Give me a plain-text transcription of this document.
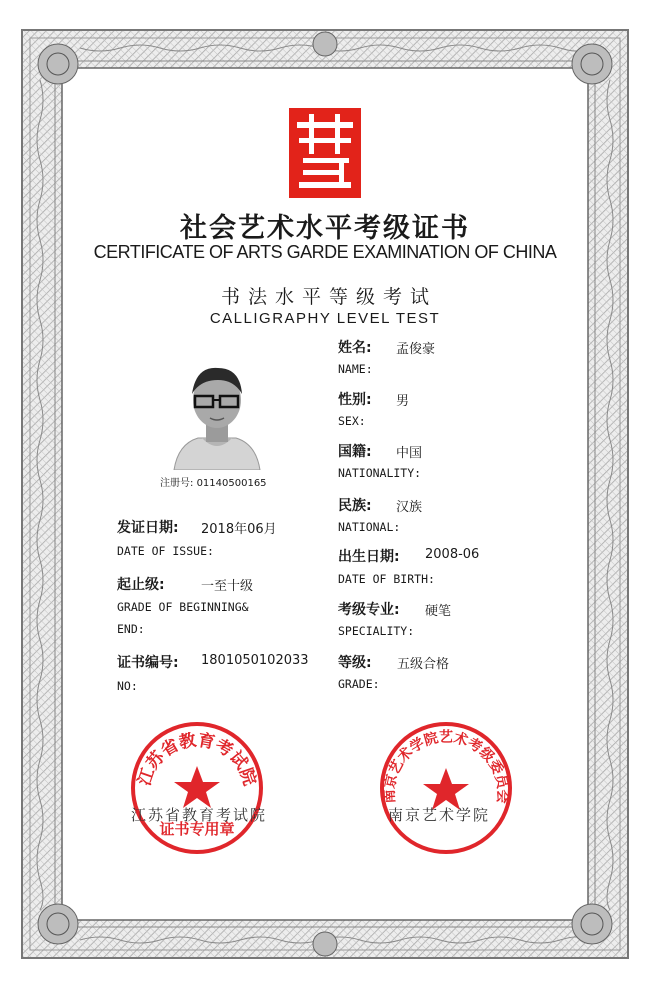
社会艺术水平考级证书
CERTIFICATE OF ARTS GARDE EXAMINATION OF CHINA
书法水平等级考试
CALLIGRAPHY LEVEL TEST
注册号: 01140500165
姓名: 孟俊豪
NAME:
性别: 男
SEX:
国籍: 中国
NATIONALITY:
民族: 汉族
NATIONAL:
出生日期: 2008-06
DATE OF BIRTH:
考级专业: 硬笔
SPECIALITY:
等级: 五级合格
GRADE:
发证日期: 2018年06月
DATE OF ISSUE:
起止级:	一至十级
GRADE OF BEGINNING&
END:
证书编号: 1801050102033
NO:
江苏省教育考试院
证书专用章
江苏省教育考试院
南京艺术学院艺术考级委员会
南京艺术学院
